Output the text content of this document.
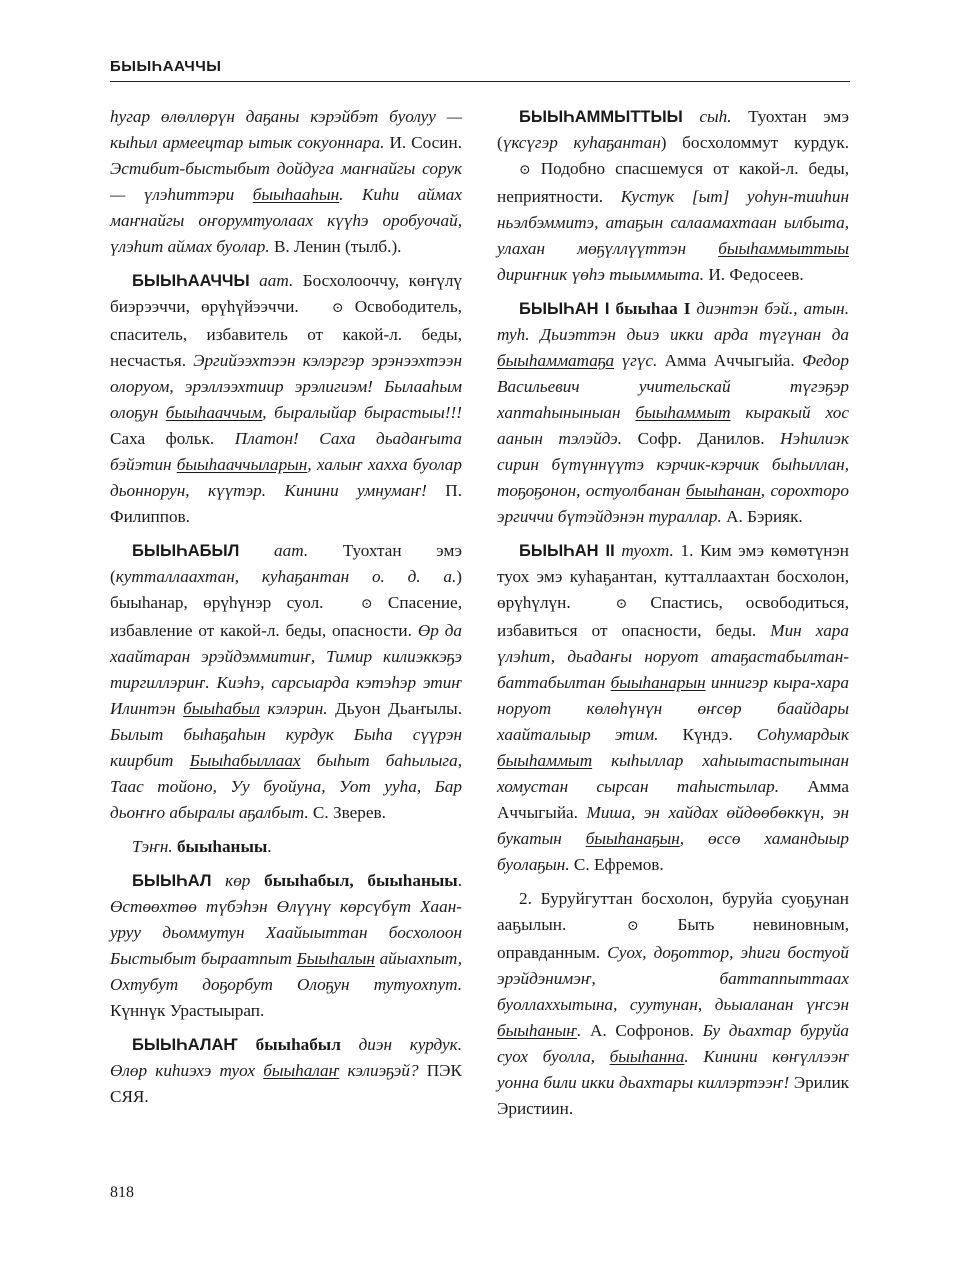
БЫЫҺААЧЧЫ

һугар өлөллөрүн даҕаны кэрэйбэт буолуу — кыһыл армеецтар ытык сокуоннара. И. Сосин. Эстибит-быстыбыт дойдуга маҥнайгы сорук — үлэһиттэри быыһааһын. Киһи аймах маҥнайгы оҥорумтуолаах күүһэ оробуочай, үлэһит аймах буолар. В. Ленин (тылб.).

БЫЫҺААЧЧЫ аат. Босхолооччу, көҥүлү биэрээччи, өрүһүйээччи. ⊙ Освободитель, спаситель, избавитель от какой-л. беды, несчастья. Эргийээхтээн кэлэргэр эрэнээхтээн олоруом, эрэллээхтиир эрэлигиэм! Былааһым олоҕун быыһааччым, быралыйар бырастыы!!! Саха фольк. Платон! Саха дьадаҥыта бэйэтин быыһааччыларын, халыҥ хахха буолар дьоннорун, күүтэр. Кинини умнумаҥ! П. Филиппов.

БЫЫҺАБЫЛ аат. Туохтан эмэ (кутталлаахтан, куһаҕантан о. д. а.) быыһанар, өрүһүнэр суол. ⊙ Спасение, избавление от какой-л. беды, опасности. Өр да хаайтаран эрэйдэммитиҥ, Тимир килиэккэҕэ тиргиллэриҥ. Киэһэ, сарсыарда кэтэһэр этиҥ Илинтэн быыһабыл кэлэрин. Дьуон Дьаҥылы. Былыт быһаҕаһын курдук Быһа сүүрэн киирбит Быыһабыллаах быһыт баһылыга, Таас тойоно, Уу буойуна, Уот ууһа, Бар дьоҥҥо абыралы аҕалбыт. С. Зверев.

Тэҥн. быыһаныы.

БЫЫҺАЛ көр быыһабыл, быыһаныы. Өстөөхтөө түбэһэн Өлүүнү көрсүбүт Хаан-уруу дьоммутун Хаайыыттан босхолоон Быстыбыт быраатпыт Быыһалын айыахпыт, Охтубут доҕорбут Олоҕун тутуохпут. Күннүк Урастыырап.

БЫЫҺАЛАҤ быыһабыл диэн курдук. Өлөр киһиэхэ туох быыһалаҥ кэлиэҕэй? ПЭК СЯЯ.

БЫЫҺАММЫТТЫЫ сыһ. Туохтан эмэ (үксүгэр куһаҕантан) босхоломмут курдук. ⊙ Подобно спасшемуся от какой-л. беды, неприятности. Кустук [ыт] уоһун-тииһин ньэлбэммитэ, атаҕын салаамахтаан ылбыта, улахан мөҕүллүүттэн быыһаммыттыы дириҥник үөһэ тыыммыта. И. Федосеев.

БЫЫҺАН I быыһаа I диэнтэн бэй., атын. туһ. Дьиэттэн дьиэ икки арда түгүнан да быыһамматаҕа үгүс. Амма Аччыгыйа. Федор Васильевич учительскай түгэҕэр хаптаһыныныан быыһаммыт кыракый хос аанын тэлэйдэ. Софр. Данилов. Нэһилиэк сирин бүтүннүүтэ кэрчик-кэрчик быһыллан, тоҕоҕонон, остуолбанан быыһанан, сорохторо эргиччи бүтэйдэнэн тураллар. А. Бэрияк.

БЫЫҺАН II туохт. 1. Ким эмэ көмөтүнэн туох эмэ куһаҕантан, кутталлаахтан босхолон, өрүһүлүн. ⊙ Спастись, освободиться, избавиться от опасности, беды. Мин хара үлэһит, дьадаҥы норуот атаҕастабылтан-баттабылтан быыһанарын иннигэр кыра-хара норуот көлөһүнүн өҥсөр баайдары хаайталыыр этим. Күндэ. Соһумардык быыһаммыт кыһыллар хаһыытаспытынан хомустан сырсан таһыстылар. Амма Аччыгыйа. Миша, эн хайдах өйдөөбөккүн, эн букатын быыһанаҕын, өссө хамандыыр буолаҕын. С. Ефремов.

2. Буруйгуттан босхолон, буруйа суоҕунан ааҕылын. ⊙ Быть невиновным, оправданным. Суох, доҕоттор, эһиги бостуой эрэйдэнимэҥ, баттаппыттаах буоллаххытына, суутунан, дьыаланан үҥсэн быыһаныҥ. А. Софронов. Бу дьахтар буруйа суох буолла, быыһанна. Кинини көҥүллээҥ уонна били икки дьахтары киллэртээҥ! Эрилик Эристиин.

818
